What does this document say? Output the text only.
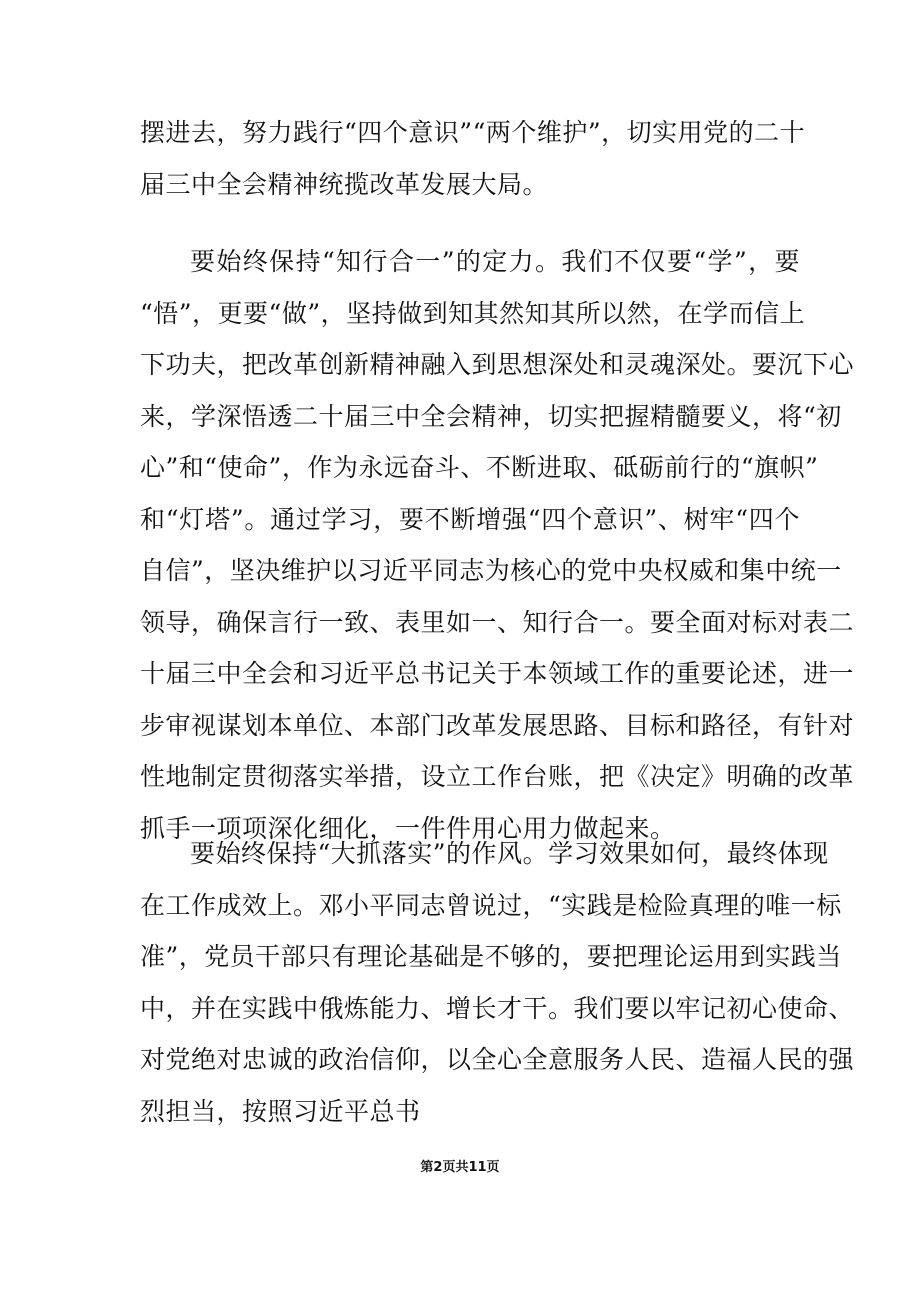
摆进去，努力践行“四个意识”“两个维护”，切实用党的二十
届三中全会精神统揽改革发展大局。
要始终保持“知行合一”的定力。我们不仅要“学”，要
“悟”，更要“做”，坚持做到知其然知其所以然，在学而信上
下功夫，把改革创新精神融入到思想深处和灵魂深处。要沉下心
来，学深悟透二十届三中全会精神，切实把握精髓要义，将“初
心”和“使命”，作为永远奋斗、不断进取、砥砺前行的“旗帜”
和“灯塔”。通过学习，要不断增强“四个意识”、树牢“四个
自信”，坚决维护以习近平同志为核心的党中央权威和集中统一
领导，确保言行一致、表里如一、知行合一。要全面对标对表二
十届三中全会和习近平总书记关于本领域工作的重要论述，进一
步审视谋划本单位、本部门改革发展思路、目标和路径，有针对
性地制定贯彻落实举措，设立工作台账，把《决定》明确的改革
抓手一项项深化细化，一件件用心用力做起来。
要始终保持“大抓落实”的作风。学习效果如何，最终体现
在工作成效上。邓小平同志曾说过，“实践是检险真理的唯一标
准”，党员干部只有理论基础是不够的，要把理论运用到实践当
中，并在实践中俄炼能力、增长才干。我们要以牢记初心使命、
对党绝对忠诚的政治信仰，以全心全意服务人民、造福人民的强
烈担当，按照习近平总书
第2页共11页
